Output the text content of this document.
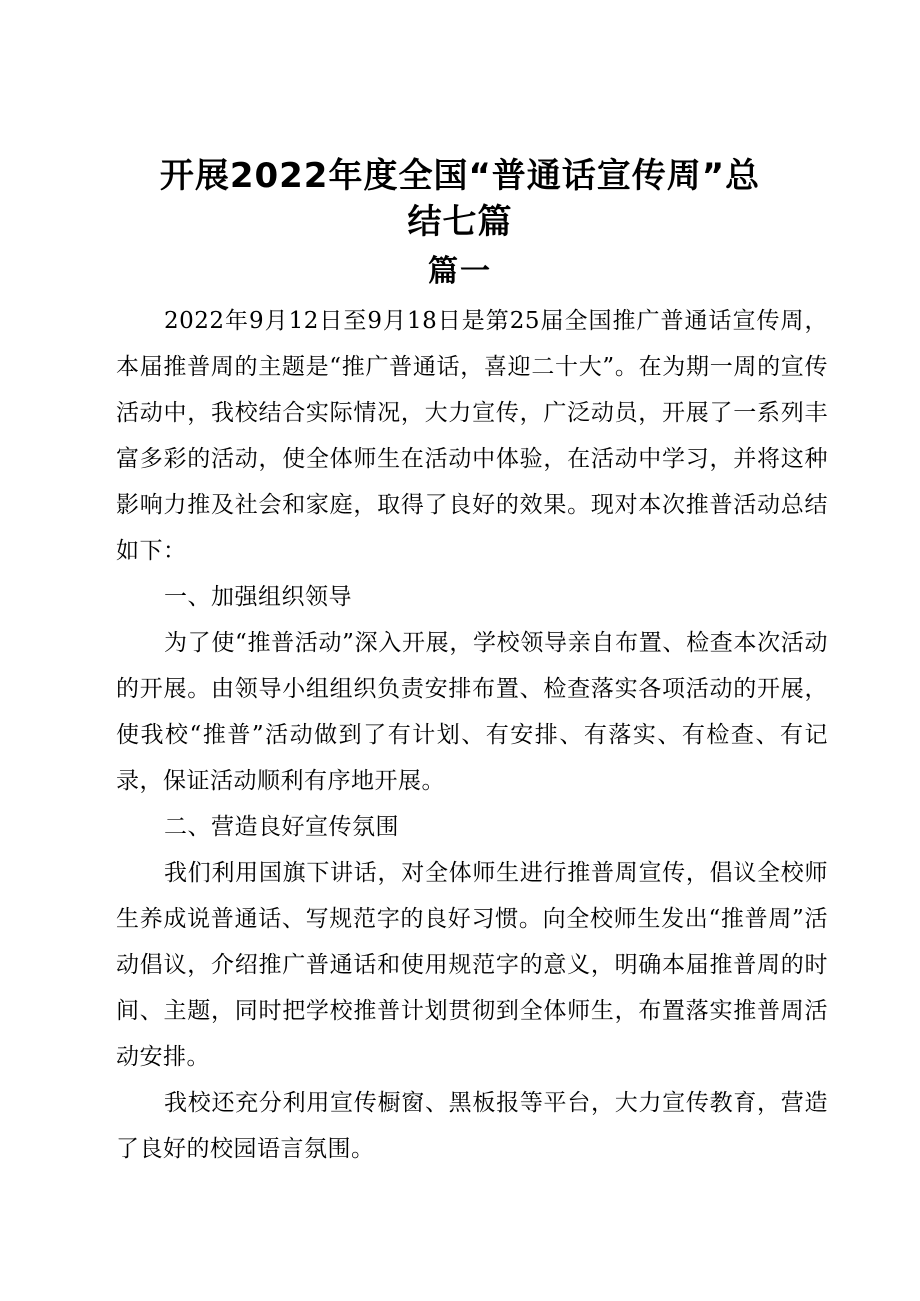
开展2022年度全国“普通话宣传周”总
结七篇
篇一

2022年9月12日至9月18日是第25届全国推广普通话宣传周，本届推普周的主题是“推广普通话，喜迎二十大”。在为期一周的宣传活动中，我校结合实际情况，大力宣传，广泛动员，开展了一系列丰富多彩的活动，使全体师生在活动中体验，在活动中学习，并将这种影响力推及社会和家庭，取得了良好的效果。现对本次推普活动总结如下：

一、加强组织领导

为了使“推普活动”深入开展，学校领导亲自布置、检查本次活动的开展。由领导小组组织负责安排布置、检查落实各项活动的开展，使我校“推普”活动做到了有计划、有安排、有落实、有检查、有记录，保证活动顺利有序地开展。

二、营造良好宣传氛围

我们利用国旗下讲话，对全体师生进行推普周宣传，倡议全校师生养成说普通话、写规范字的良好习惯。向全校师生发出“推普周”活动倡议，介绍推广普通话和使用规范字的意义，明确本届推普周的时间、主题，同时把学校推普计划贯彻到全体师生，布置落实推普周活动安排。

我校还充分利用宣传橱窗、黑板报等平台，大力宣传教育，营造了良好的校园语言氛围。
